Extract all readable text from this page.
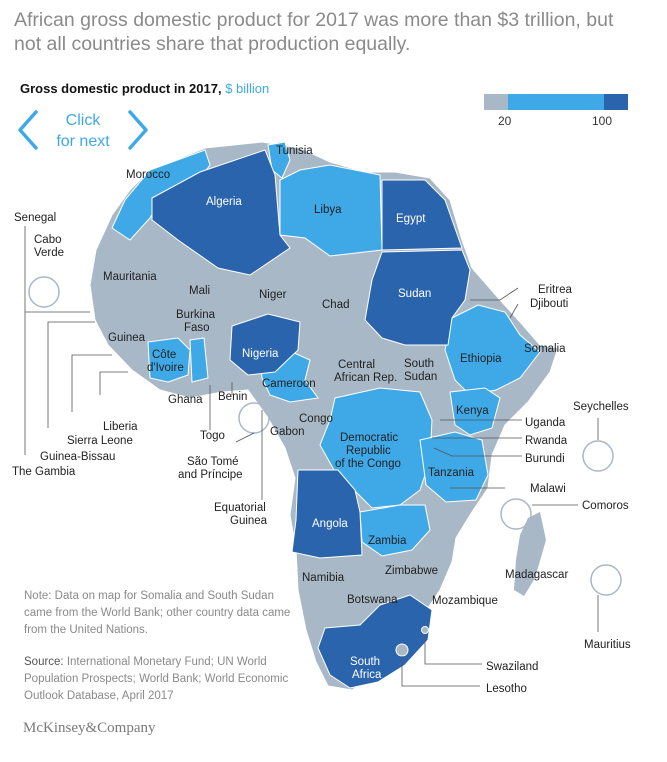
African gross domestic product for 2017 was more than $3 trillion, but not all countries share that production equally.
Gross domestic product in 2017, $ billion
20	100
Morocco
Algeria
Tunisia
Libya
Egypt
Mauritania
Mali	Niger
Chad
Sudan	Eritrea
Djibouti
Somalia
Ethiopia
South
Sudan
Central
African Rep.
Burkina
Faso
Guinea
Côte
d'Ivoire
Ghana
Togo
Benin
Nigeria
Cameroon
Gabon
Congo
Democratic
Republic
of the Congo
Kenya
Uganda
Rwanda
Burundi
Tanzania
Malawi
Comoros
Seychelles
Angola
Zambia
Namibia
Zimbabwe
Botswana	Mozambique
Madagascar
Mauritius
Swaziland
Lesotho
South
Africa
Senegal
Cabo
Verde
The Gambia
Guinea-Bissau
Sierra Leone
Liberia
São Tomé
and Príncipe
Equatorial
Guinea
Click
for next
Note: Data on map for Somalia and South Sudan came from the World Bank; other country data came from the United Nations.
Source: International Monetary Fund; UN World Population Prospects; World Bank; World Economic Outlook Database, April 2017
McKinsey&Company
